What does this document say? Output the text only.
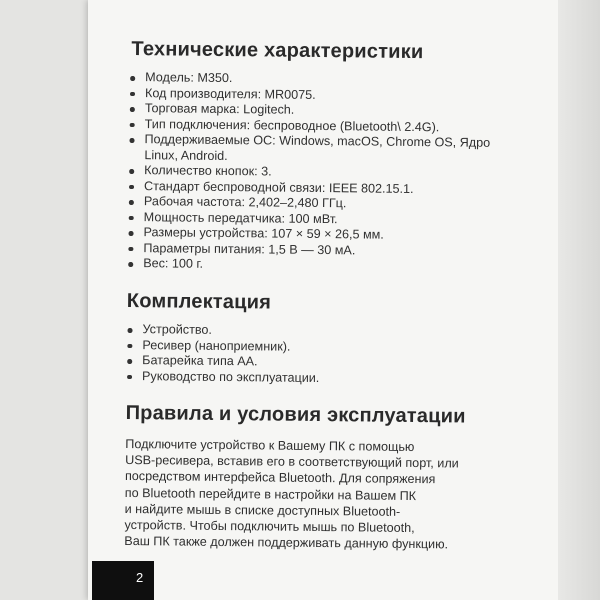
Технические характеристики
Модель: M350.
Код производителя: MR0075.
Торговая марка: Logitech.
Тип подключения: беспроводное (Bluetooth\ 2.4G).
Поддерживаемые ОС: Windows, macOS, Chrome OS, Ядро Linux, Android.
Количество кнопок: 3.
Стандарт беспроводной связи: IEEE 802.15.1.
Рабочая частота: 2,402–2,480 ГГц.
Мощность передатчика: 100 мВт.
Размеры устройства: 107 × 59 × 26,5 мм.
Параметры питания: 1,5 В — 30 мА.
Вес: 100 г.
Комплектация
Устройство.
Ресивер (наноприемник).
Батарейка типа АА.
Руководство по эксплуатации.
Правила и условия эксплуатации
Подключите устройство к Вашему ПК с помощью
USB-ресивера, вставив его в соответствующий порт, или
посредством интерфейса Bluetooth. Для сопряжения
по Bluetooth перейдите в настройки на Вашем ПК
и найдите мышь в списке доступных Bluetooth-
устройств. Чтобы подключить мышь по Bluetooth,
Ваш ПК также должен поддерживать данную функцию.
2
